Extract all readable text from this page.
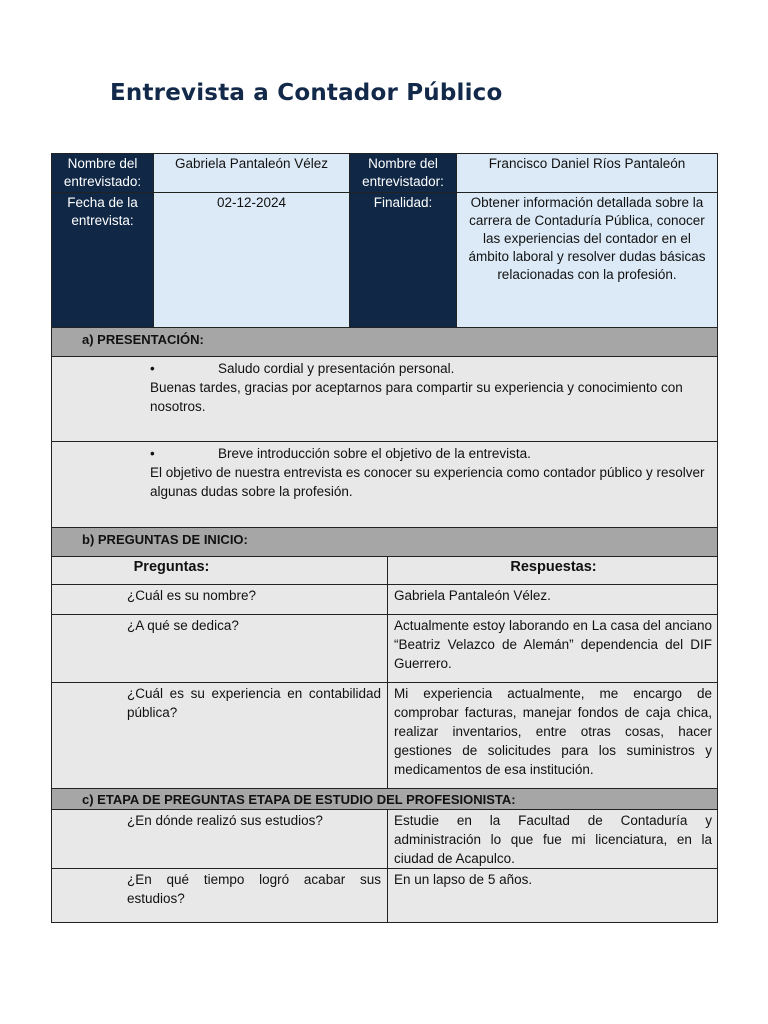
Entrevista a Contador Público
Nombre del entrevistado:	Gabriela Pantaleón Vélez	Nombre del entrevistador:	Francisco Daniel Ríos Pantaleón
Fecha de la entrevista:	02-12-2024	Finalidad:	Obtener información detallada sobre la carrera de Contaduría Pública, conocer las experiencias del contador en el ámbito laboral y resolver dudas básicas relacionadas con la profesión.
a) PRESENTACIÓN:	

• Saludo cordial y presentación personal.
Buenas tardes, gracias por aceptarnos para compartir su experiencia y conocimiento con nosotros.	

• Breve introducción sobre el objetivo de la entrevista.
El objetivo de nuestra entrevista es conocer su experiencia como contador público y resolver algunas dudas sobre la profesión.	

b) PREGUNTAS DE INICIO:	
Preguntas:	Respuestas:
¿Cuál es su nombre?	Gabriela Pantaleón Vélez.
¿A qué se dedica?	Actualmente estoy laborando en La casa del anciano “Beatriz Velazco de Alemán” dependencia del DIF Guerrero.
¿Cuál es su experiencia en contabilidad pública?	Mi experiencia actualmente, me encargo de comprobar facturas, manejar fondos de caja chica, realizar inventarios, entre otras cosas, hacer gestiones de solicitudes para los suministros y medicamentos de esa institución.
c) ETAPA DE PREGUNTAS ETAPA DE ESTUDIO DEL PROFESIONISTA:	
¿En dónde realizó sus estudios?	Estudie en la Facultad de Contaduría y administración lo que fue mi licenciatura, en la ciudad de Acapulco.
¿En qué tiempo logró acabar sus estudios?	En un lapso de 5 años.
